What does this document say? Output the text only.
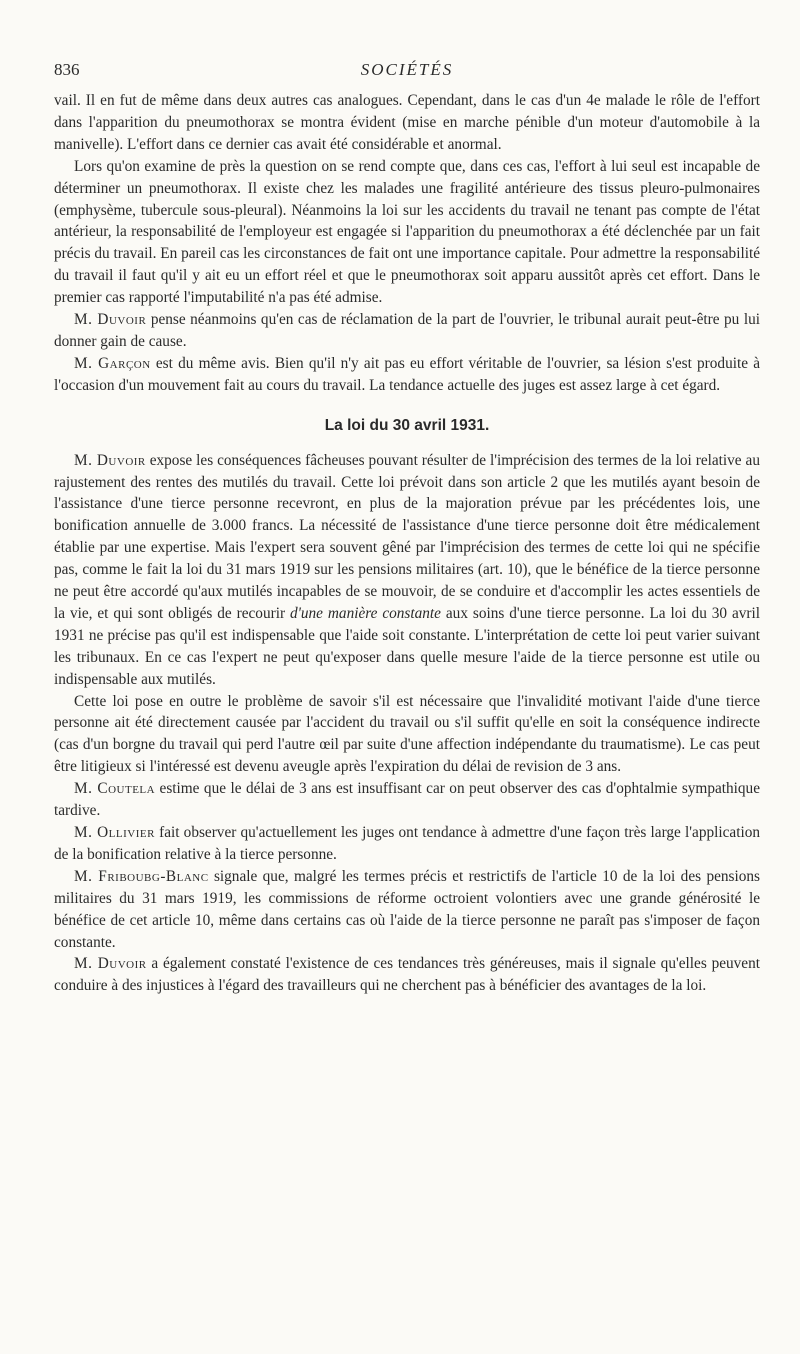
836	SOCIÉTÉS

vail. Il en fut de même dans deux autres cas analogues. Cependant, dans le cas d'un 4e malade le rôle de l'effort dans l'apparition du pneumothorax se montra évident (mise en marche pénible d'un moteur d'automobile à la manivelle). L'effort dans ce dernier cas avait été considérable et anormal.

Lors qu'on examine de près la question on se rend compte que, dans ces cas, l'effort à lui seul est incapable de déterminer un pneumothorax. Il existe chez les malades une fragilité antérieure des tissus pleuro-pulmonaires (emphysème, tubercule sous-pleural). Néanmoins la loi sur les accidents du travail ne tenant pas compte de l'état antérieur, la responsabilité de l'employeur est engagée si l'apparition du pneumothorax a été déclenchée par un fait précis du travail. En pareil cas les circonstances de fait ont une importance capitale. Pour admettre la responsabilité du travail il faut qu'il y ait eu un effort réel et que le pneumothorax soit apparu aussitôt après cet effort. Dans le premier cas rapporté l'imputabilité n'a pas été admise.

M. Duvoir pense néanmoins qu'en cas de réclamation de la part de l'ouvrier, le tribunal aurait peut-être pu lui donner gain de cause.

M. Garçon est du même avis. Bien qu'il n'y ait pas eu effort véritable de l'ouvrier, sa lésion s'est produite à l'occasion d'un mouvement fait au cours du travail. La tendance actuelle des juges est assez large à cet égard.

La loi du 30 avril 1931.

M. Duvoir expose les conséquences fâcheuses pouvant résulter de l'imprécision des termes de la loi relative au rajustement des rentes des mutilés du travail. Cette loi prévoit dans son article 2 que les mutilés ayant besoin de l'assistance d'une tierce personne recevront, en plus de la majoration prévue par les précédentes lois, une bonification annuelle de 3.000 francs. La nécessité de l'assistance d'une tierce personne doit être médicalement établie par une expertise. Mais l'expert sera souvent gêné par l'imprécision des termes de cette loi qui ne spécifie pas, comme le fait la loi du 31 mars 1919 sur les pensions militaires (art. 10), que le bénéfice de la tierce personne ne peut être accordé qu'aux mutilés incapables de se mouvoir, de se conduire et d'accomplir les actes essentiels de la vie, et qui sont obligés de recourir d'une manière constante aux soins d'une tierce personne. La loi du 30 avril 1931 ne précise pas qu'il est indispensable que l'aide soit constante. L'interprétation de cette loi peut varier suivant les tribunaux. En ce cas l'expert ne peut qu'exposer dans quelle mesure l'aide de la tierce personne est utile ou indispensable aux mutilés.

Cette loi pose en outre le problème de savoir s'il est nécessaire que l'invalidité motivant l'aide d'une tierce personne ait été directement causée par l'accident du travail ou s'il suffit qu'elle en soit la conséquence indirecte (cas d'un borgne du travail qui perd l'autre œil par suite d'une affection indépendante du traumatisme). Le cas peut être litigieux si l'intéressé est devenu aveugle après l'expiration du délai de revision de 3 ans.

M. Coutela estime que le délai de 3 ans est insuffisant car on peut observer des cas d'ophtalmie sympathique tardive.

M. Ollivier fait observer qu'actuellement les juges ont tendance à admettre d'une façon très large l'application de la bonification relative à la tierce personne.

M. Friboubg-Blanc signale que, malgré les termes précis et restrictifs de l'article 10 de la loi des pensions militaires du 31 mars 1919, les commissions de réforme octroient volontiers avec une grande générosité le bénéfice de cet article 10, même dans certains cas où l'aide de la tierce personne ne paraît pas s'imposer de façon constante.

M. Duvoir a également constaté l'existence de ces tendances très généreuses, mais il signale qu'elles peuvent conduire à des injustices à l'égard des travailleurs qui ne cherchent pas à bénéficier des avantages de la loi.
